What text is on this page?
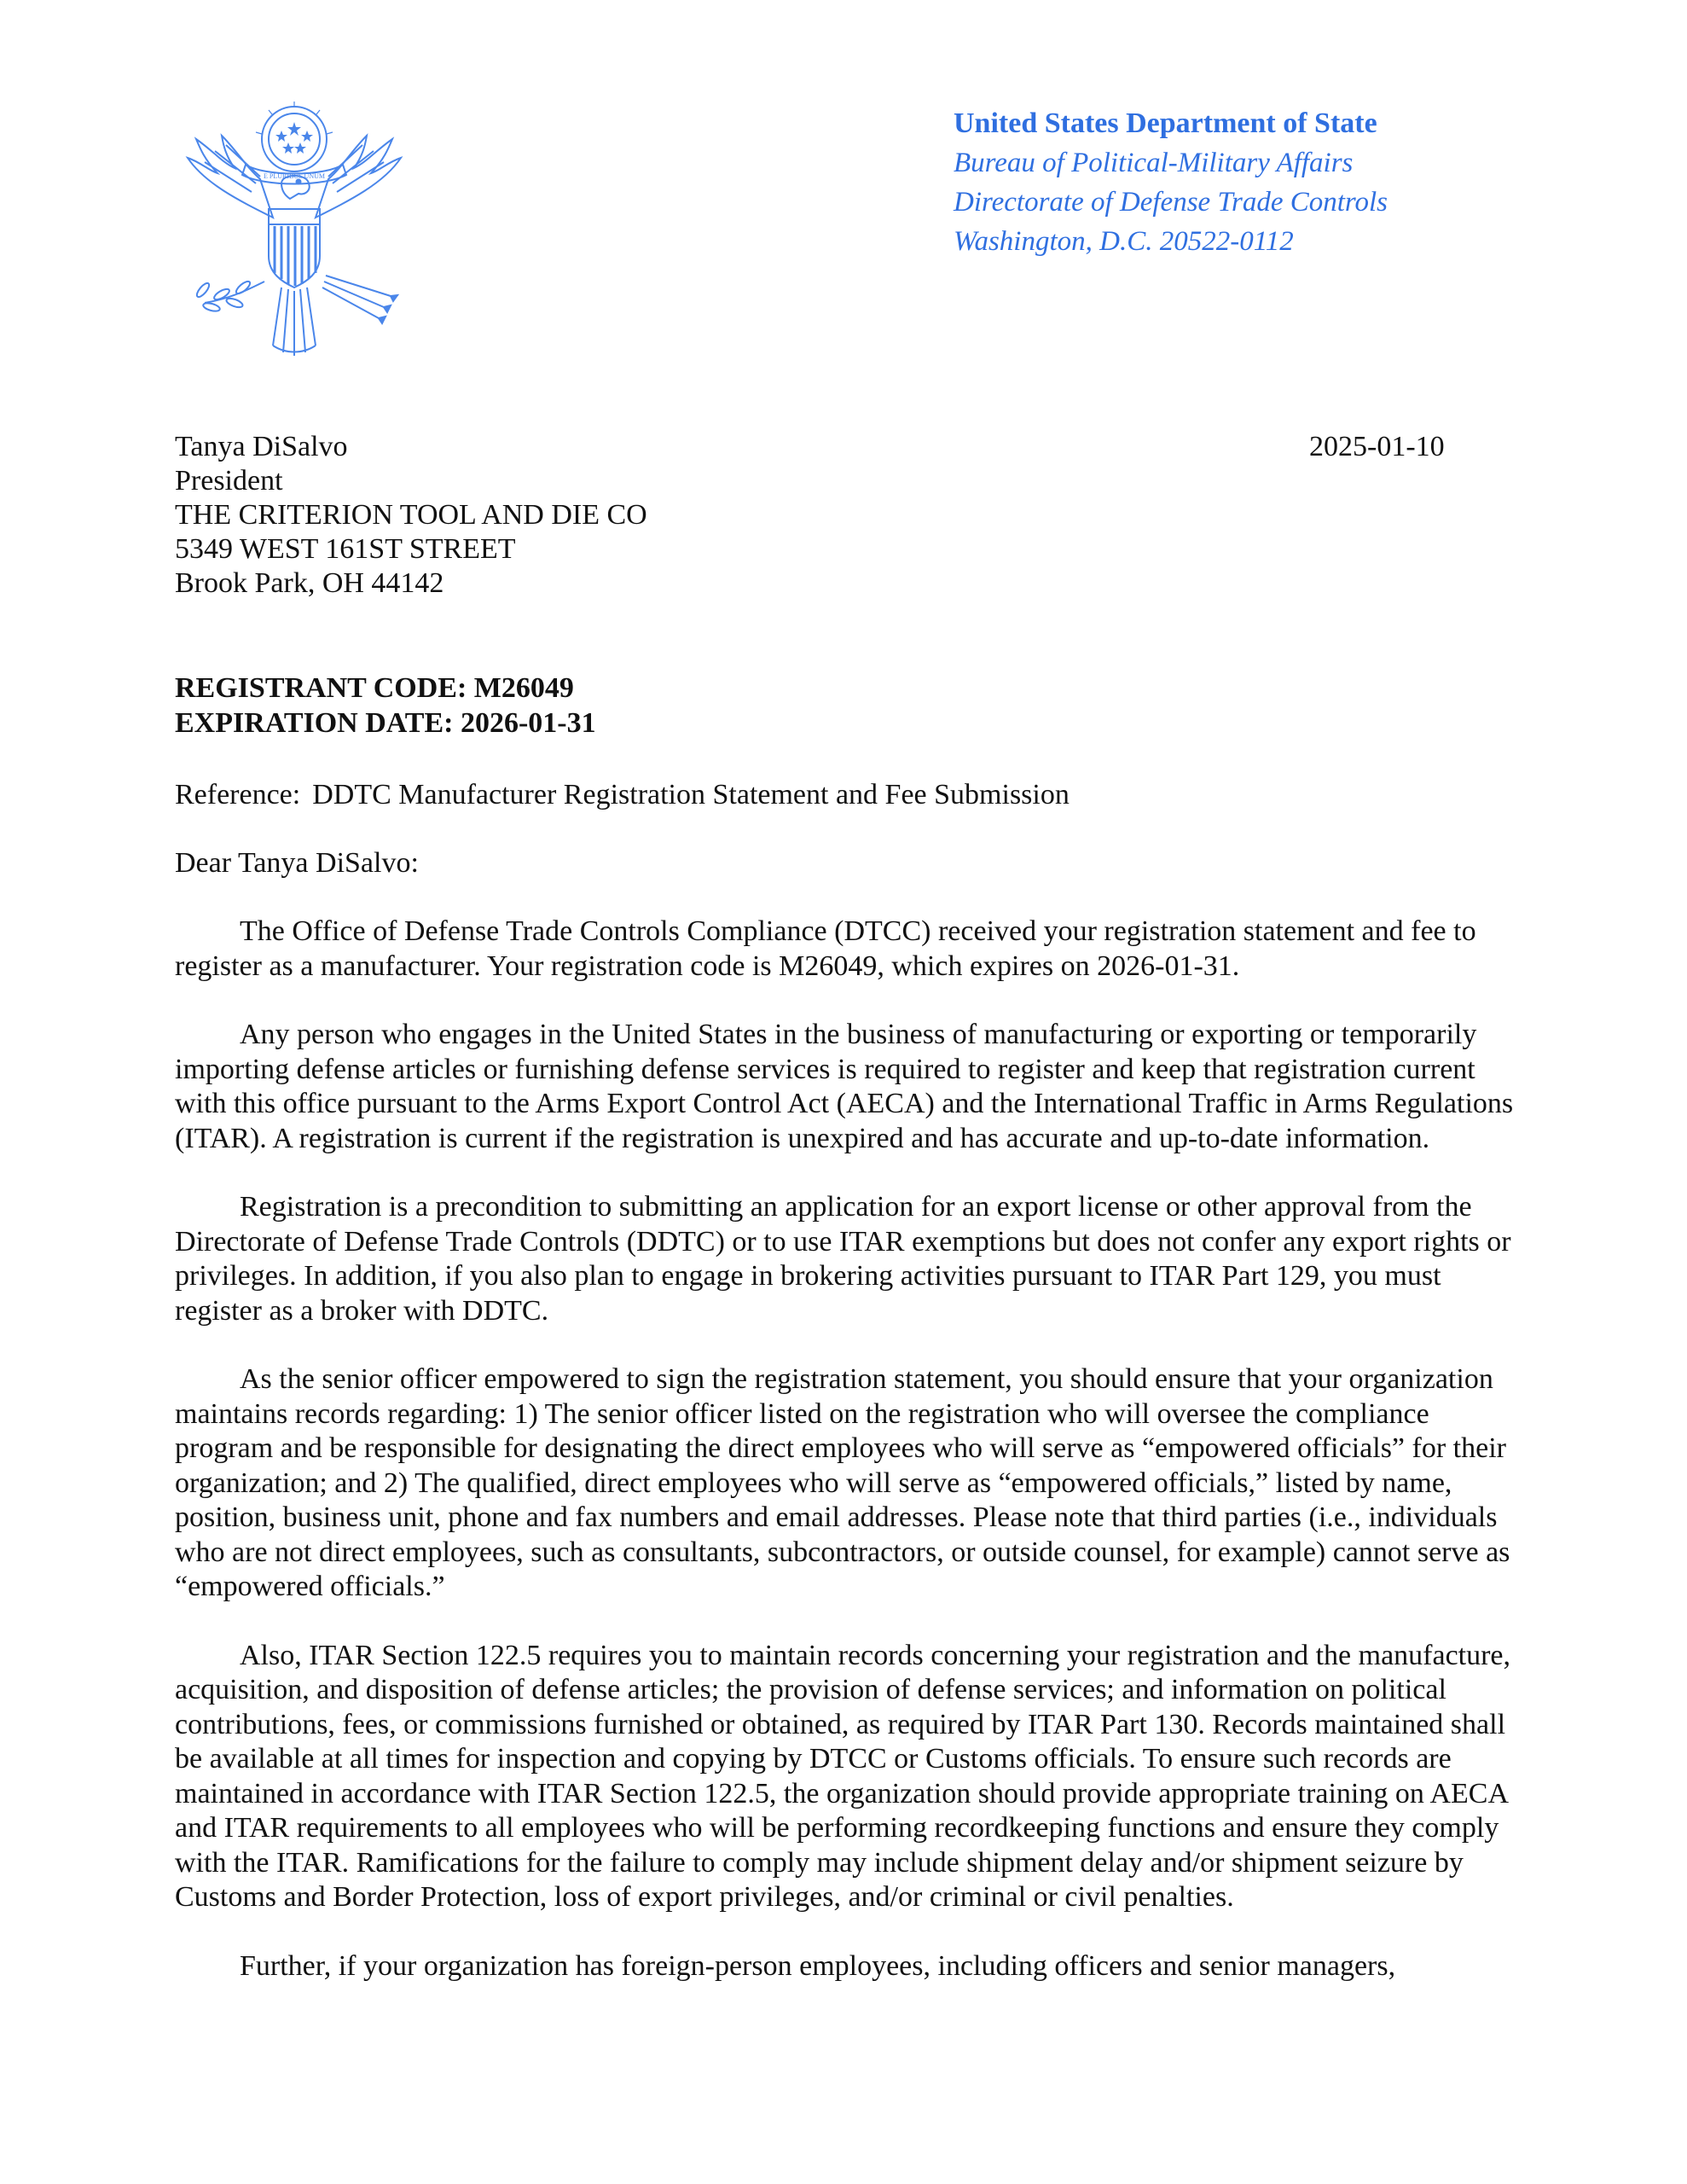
E PLURIBUS UNUM
United States Department of State
Bureau of Political-Military Affairs
Directorate of Defense Trade Controls
Washington, D.C. 20522-0112
Tanya DiSalvo
President
THE CRITERION TOOL AND DIE CO
5349 WEST 161ST STREET
Brook Park, OH 44142
2025-01-10
REGISTRANT CODE: M26049
EXPIRATION DATE: 2026-01-31
Reference: DDTC Manufacturer Registration Statement and Fee Submission
Dear Tanya DiSalvo:

The Office of Defense Trade Controls Compliance (DTCC) received your registration statement and fee to register as a manufacturer. Your registration code is M26049, which expires on 2026-01-31.

Any person who engages in the United States in the business of manufacturing or exporting or temporarily importing defense articles or furnishing defense services is required to register and keep that registration current with this office pursuant to the Arms Export Control Act (AECA) and the International Traffic in Arms Regulations (ITAR). A registration is current if the registration is unexpired and has accurate and up-to-date information.

Registration is a precondition to submitting an application for an export license or other approval from the Directorate of Defense Trade Controls (DDTC) or to use ITAR exemptions but does not confer any export rights or privileges. In addition, if you also plan to engage in brokering activities pursuant to ITAR Part 129, you must register as a broker with DDTC.

As the senior officer empowered to sign the registration statement, you should ensure that your organization maintains records regarding: 1) The senior officer listed on the registration who will oversee the compliance program and be responsible for designating the direct employees who will serve as “empowered officials” for their organization; and 2) The qualified, direct employees who will serve as “empowered officials,” listed by name, position, business unit, phone and fax numbers and email addresses. Please note that third parties (i.e., individuals who are not direct employees, such as consultants, subcontractors, or outside counsel, for example) cannot serve as “empowered officials.”

Also, ITAR Section 122.5 requires you to maintain records concerning your registration and the manufacture, acquisition, and disposition of defense articles; the provision of defense services; and information on political contributions, fees, or commissions furnished or obtained, as required by ITAR Part 130. Records maintained shall be available at all times for inspection and copying by DTCC or Customs officials. To ensure such records are maintained in accordance with ITAR Section 122.5, the organization should provide appropriate training on AECA and ITAR requirements to all employees who will be performing recordkeeping functions and ensure they comply with the ITAR. Ramifications for the failure to comply may include shipment delay and/or shipment seizure by Customs and Border Protection, loss of export privileges, and/or criminal or civil penalties.

Further, if your organization has foreign-person employees, including officers and senior managers,
